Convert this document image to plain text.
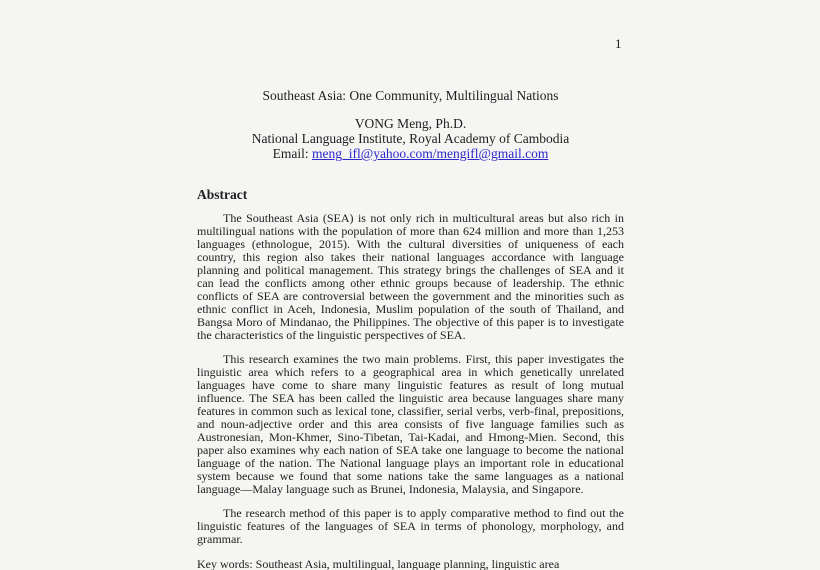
1
Southeast Asia: One Community, Multilingual Nations
VONG Meng, Ph.D.
National Language Institute, Royal Academy of Cambodia
Email: meng_ifl@yahoo.com/mengifl@gmail.com
Abstract

The Southeast Asia (SEA) is not only rich in multicultural areas but also rich in multilingual nations with the population of more than 624 million and more than 1,253 languages (ethnologue, 2015). With the cultural diversities of uniqueness of each country, this region also takes their national languages accordance with language planning and political management. This strategy brings the challenges of SEA and it can lead the conflicts among other ethnic groups because of leadership. The ethnic conflicts of SEA are controversial between the government and the minorities such as ethnic conflict in Aceh, Indonesia, Muslim population of the south of Thailand, and Bangsa Moro of Mindanao, the Philippines. The objective of this paper is to investigate the characteristics of the linguistic perspectives of SEA.

This research examines the two main problems. First, this paper investigates the linguistic area which refers to a geographical area in which genetically unrelated languages have come to share many linguistic features as result of long mutual influence. The SEA has been called the linguistic area because languages share many features in common such as lexical tone, classifier, serial verbs, verb-final, prepositions, and noun-adjective order and this area consists of five language families such as Austronesian, Mon-Khmer, Sino-Tibetan, Tai-Kadai, and Hmong-Mien. Second, this paper also examines why each nation of SEA take one language to become the national language of the nation. The National language plays an important role in educational system because we found that some nations take the same languages as a national language—Malay language such as Brunei, Indonesia, Malaysia, and Singapore.

The research method of this paper is to apply comparative method to find out the linguistic features of the languages of SEA in terms of phonology, morphology, and grammar.

Key words: Southeast Asia, multilingual, language planning, linguistic area
